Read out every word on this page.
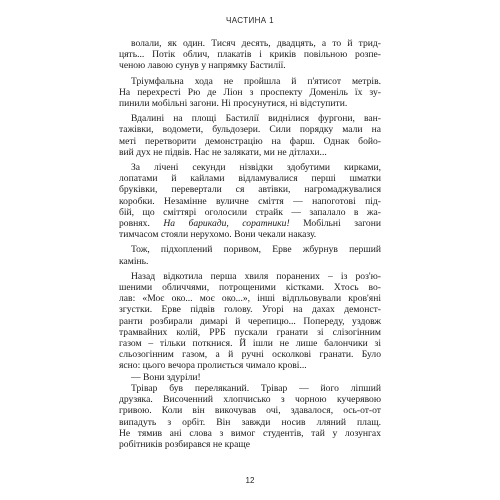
ЧАСТИНА 1
волали, як один. Тисяч десять, двадцять, а то й трид-
цять... Потік облич, плакатів і криків повільною розпе-
ченою лавою сунув у напрямку Бастилії.
Тріумфальна хода не пройшла й п'ятисот метрів.
На перехресті Рю де Ліон з проспекту Доменіль їх зу-
пинили мобільні загони. Ні просунутися, ні відступити.
Вдалині на площі Бастилії виднілися фургони, ван-
тажівки, водомети, бульдозери. Сили порядку мали на
меті перетворити демонстрацію на фарш. Однак бойо-
вий дух не підвів. Нас не залякати, ми не дітлахи...
За лічені секунди нізвідки здобутими кирками,
лопатами й кайлами відламувалися перші шматки
бруківки, перевертали ся автівки, нагромаджувалися
коробки. Незамінне вуличне сміття — напоготові під-
бій, що сміттярі оголосили страйк — запалало в жа-
ровнях. На барикади, соратники! Мобільні загони
тимчасом стояли нерухомо. Вони чекали наказу.
Тож, підхоплений поривом, Ерве жбурнув перший
камінь.
Назад відкотила перша хвиля поранених – із роз'ю-
шеними обличчями, потрощеними кістками. Хтось во-
лав: «Моє око... моє око...», інші відпльовували кров'яні
згустки. Ерве підвів голову. Угорі на дахах демонст-
ранти розбирали димарі й черепицю... Попереду, уздовж
трамвайних колій, РРБ пускали гранати зі слізогінним
газом – тільки поткнися. Й ішли не лише балончики зі
сльозогінним газом, а й ручні осколкові гранати. Було
ясно: цього вечора пролиється чимало крові...
— Вони здуріли!
Трівар був переляканий. Трівар — його ліпший
друзяка. Височенний хлопчисько з чорною кучерявою
гривою. Коли він викочував очі, здавалося, ось-от-от
випадуть з орбіт. Він завжди носив лляний плащ.
Не тямив ані слова з вимог студентів, тай у лозунгах
робітників розбирався не краще
12
